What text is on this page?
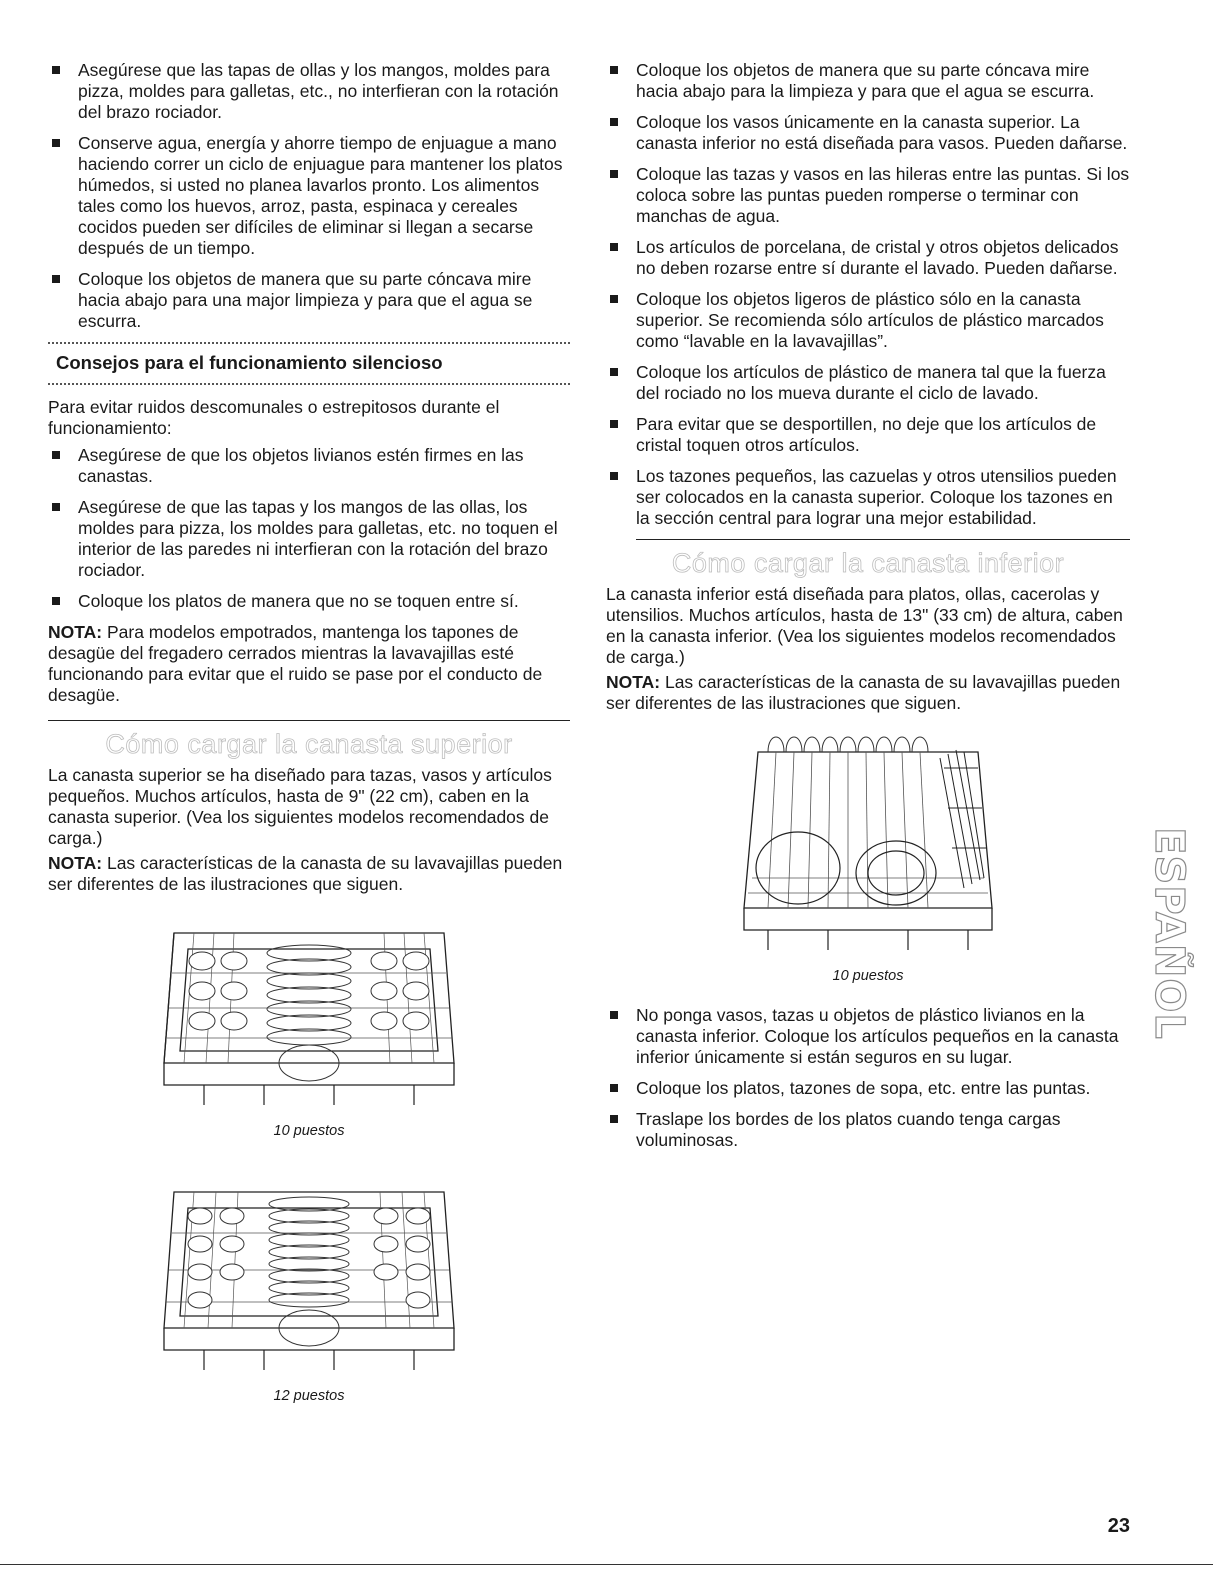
Asegúrese que las tapas de ollas y los mangos, moldes para pizza, moldes para galletas, etc., no interfieran con la rotación del brazo rociador.
Conserve agua, energía y ahorre tiempo de enjuague a mano haciendo correr un ciclo de enjuague para mantener los platos húmedos, si usted no planea lavarlos pronto. Los alimentos tales como los huevos, arroz, pasta, espinaca y cereales cocidos pueden ser difíciles de eliminar si llegan a secarse después de un tiempo.
Coloque los objetos de manera que su parte cóncava mire hacia abajo para una major limpieza y para que el agua se escurra.
Consejos para el funcionamiento silencioso

Para evitar ruidos descomunales o estrepitosos durante el funcionamiento:

Asegúrese de que los objetos livianos estén firmes en las canastas.
Asegúrese de que las tapas y los mangos de las ollas, los moldes para pizza, los moldes para galletas, etc. no toquen el interior de las paredes ni interfieran con la rotación del brazo rociador.
Coloque los platos de manera que no se toquen entre sí.

NOTA: Para modelos empotrados, mantenga los tapones de desagüe del fregadero cerrados mientras la lavavajillas esté funcionando para evitar que el ruido se pase por el conducto de desagüe.

Cómo cargar la canasta superior

La canasta superior se ha diseñado para tazas, vasos y artículos pequeños. Muchos artículos, hasta de 9" (22 cm), caben en la canasta superior. (Vea los siguientes modelos recomendados de carga.)

NOTA: Las características de la canasta de su lavavajillas pueden ser diferentes de las ilustraciones que siguen.

10 puestos
12 puestos
Coloque los objetos de manera que su parte cóncava mire hacia abajo para la limpieza y para que el agua se escurra.
Coloque los vasos únicamente en la canasta superior. La canasta inferior no está diseñada para vasos. Pueden dañarse.
Coloque las tazas y vasos en las hileras entre las puntas. Si los coloca sobre las puntas pueden romperse o terminar con manchas de agua.
Los artículos de porcelana, de cristal y otros objetos delicados no deben rozarse entre sí durante el lavado. Pueden dañarse.
Coloque los objetos ligeros de plástico sólo en la canasta superior. Se recomienda sólo artículos de plástico marcados como “lavable en la lavavajillas”.
Coloque los artículos de plástico de manera tal que la fuerza del rociado no los mueva durante el ciclo de lavado.
Para evitar que se desportillen, no deje que los artículos de cristal toquen otros artículos.
Los tazones pequeños, las cazuelas y otros utensilios pueden ser colocados en la canasta superior. Coloque los tazones en la sección central para lograr una mejor estabilidad.
Cómo cargar la canasta inferior

La canasta inferior está diseñada para platos, ollas, cacerolas y utensilios. Muchos artículos, hasta de 13" (33 cm) de altura, caben en la canasta inferior. (Vea los siguientes modelos recomendados de carga.)

NOTA: Las características de la canasta de su lavavajillas pueden ser diferentes de las ilustraciones que siguen.

10 puestos
No ponga vasos, tazas u objetos de plástico livianos en la canasta inferior. Coloque los artículos pequeños en la canasta inferior únicamente si están seguros en su lugar.
Coloque los platos, tazones de sopa, etc. entre las puntas.
Traslape los bordes de los platos cuando tenga cargas voluminosas.
ESPAÑOL
23
